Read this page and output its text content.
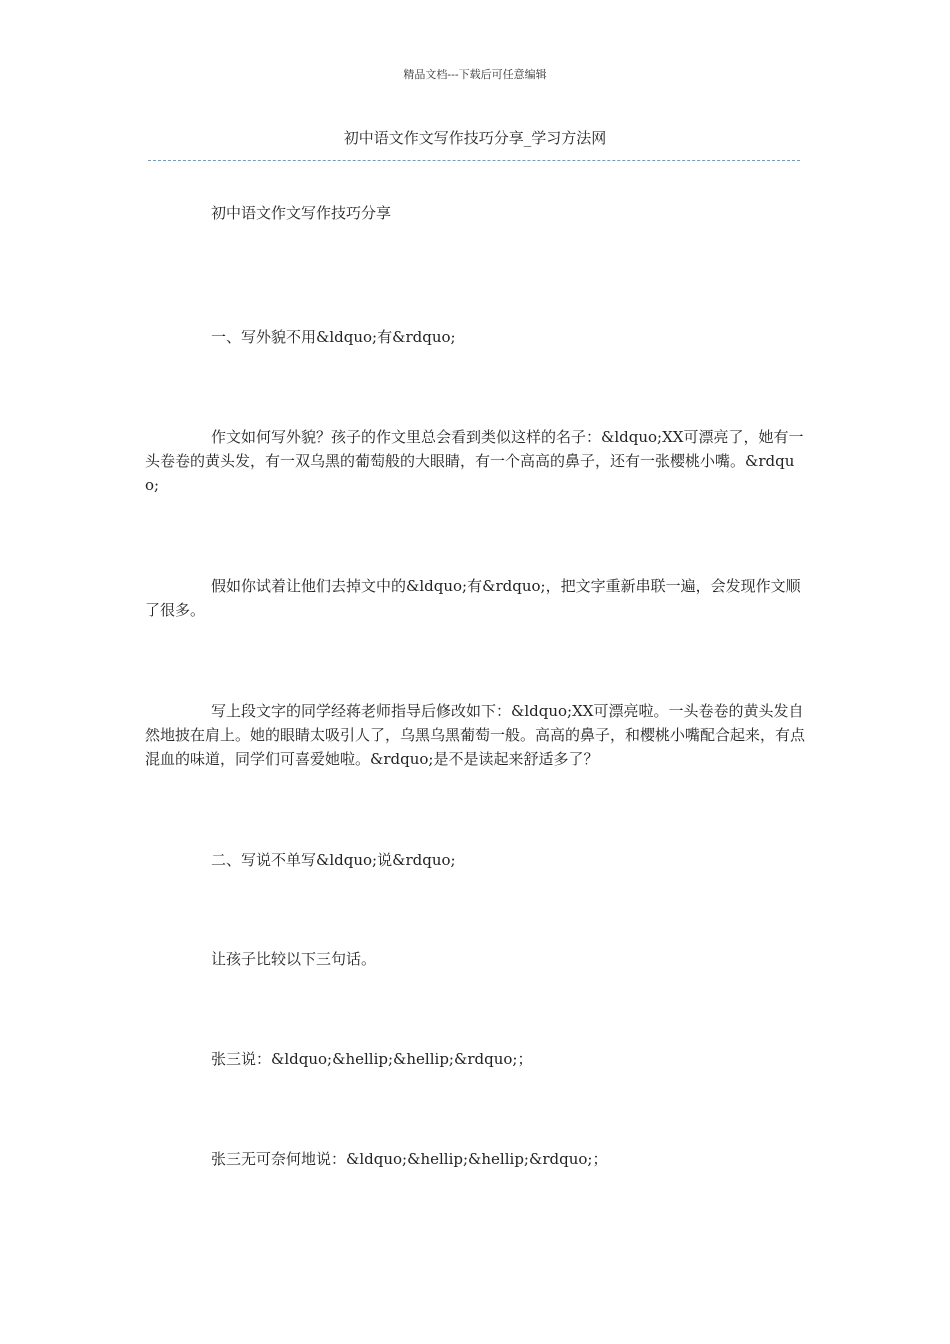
精品文档---下载后可任意编辑
初中语文作文写作技巧分享_学习方法网

初中语文作文写作技巧分享

一、写外貌不用&ldquo;有&rdquo;

作文如何写外貌？孩子的作文里总会看到类似这样的名子：&ldquo;XX可漂亮了，她有一头卷卷的黄头发，有一双乌黑的葡萄般的大眼睛，有一个高高的鼻子，还有一张樱桃小嘴。&rdquo;

假如你试着让他们去掉文中的&ldquo;有&rdquo;，把文字重新串联一遍，会发现作文顺了很多。

写上段文字的同学经蒋老师指导后修改如下：&ldquo;XX可漂亮啦。一头卷卷的黄头发自然地披在肩上。她的眼睛太吸引人了，乌黑乌黑葡萄一般。高高的鼻子，和樱桃小嘴配合起来，有点混血的味道，同学们可喜爱她啦。&rdquo;是不是读起来舒适多了？

二、写说不单写&ldquo;说&rdquo;

让孩子比较以下三句话。

张三说：&ldquo;&hellip;&hellip;&rdquo;；

张三无可奈何地说：&ldquo;&hellip;&hellip;&rdquo;；
